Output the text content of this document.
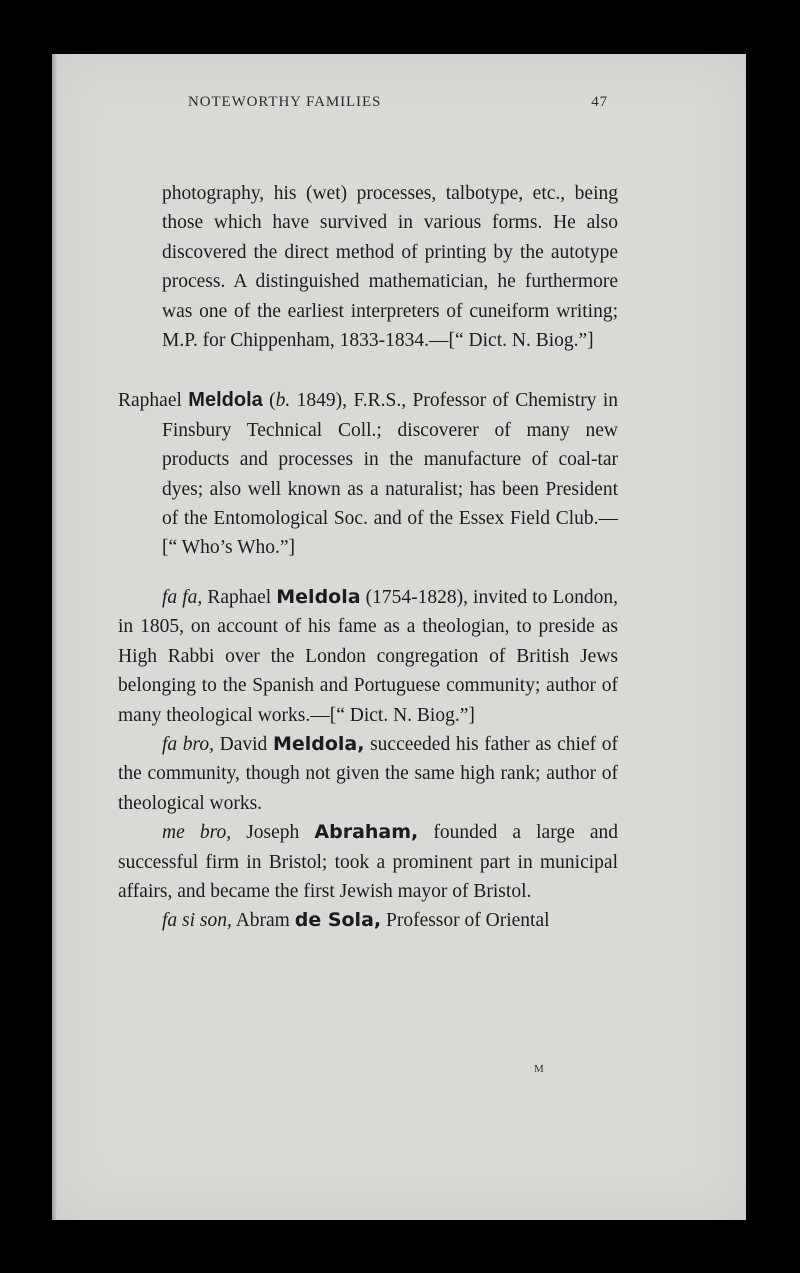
NOTEWORTHY FAMILIES	47

photography, his (wet) processes, talbotype, etc., being those which have survived in various forms. He also discovered the direct method of printing by the autotype process. A distinguished mathematician, he furthermore was one of the earliest interpreters of cuneiform writing; M.P. for Chippenham, 1833-1834.—[“ Dict. N. Biog.”]

Raphael Meldola (b. 1849), F.R.S., Professor of Chemistry in Finsbury Technical Coll.; discoverer of many new products and processes in the manufacture of coal-tar dyes; also well known as a naturalist; has been President of the Entomological Soc. and of the Essex Field Club.—[“ Who’s Who.”]

fa fa, Raphael Meldola (1754-1828), invited to London, in 1805, on account of his fame as a theologian, to preside as High Rabbi over the London congregation of British Jews belonging to the Spanish and Portuguese community; author of many theological works.—[“ Dict. N. Biog.”]

fa bro, David Meldola, succeeded his father as chief of the community, though not given the same high rank; author of theological works.

me bro, Joseph Abraham, founded a large and successful firm in Bristol; took a prominent part in municipal affairs, and became the first Jewish mayor of Bristol.

fa si son, Abram de Sola, Professor of Oriental

M
